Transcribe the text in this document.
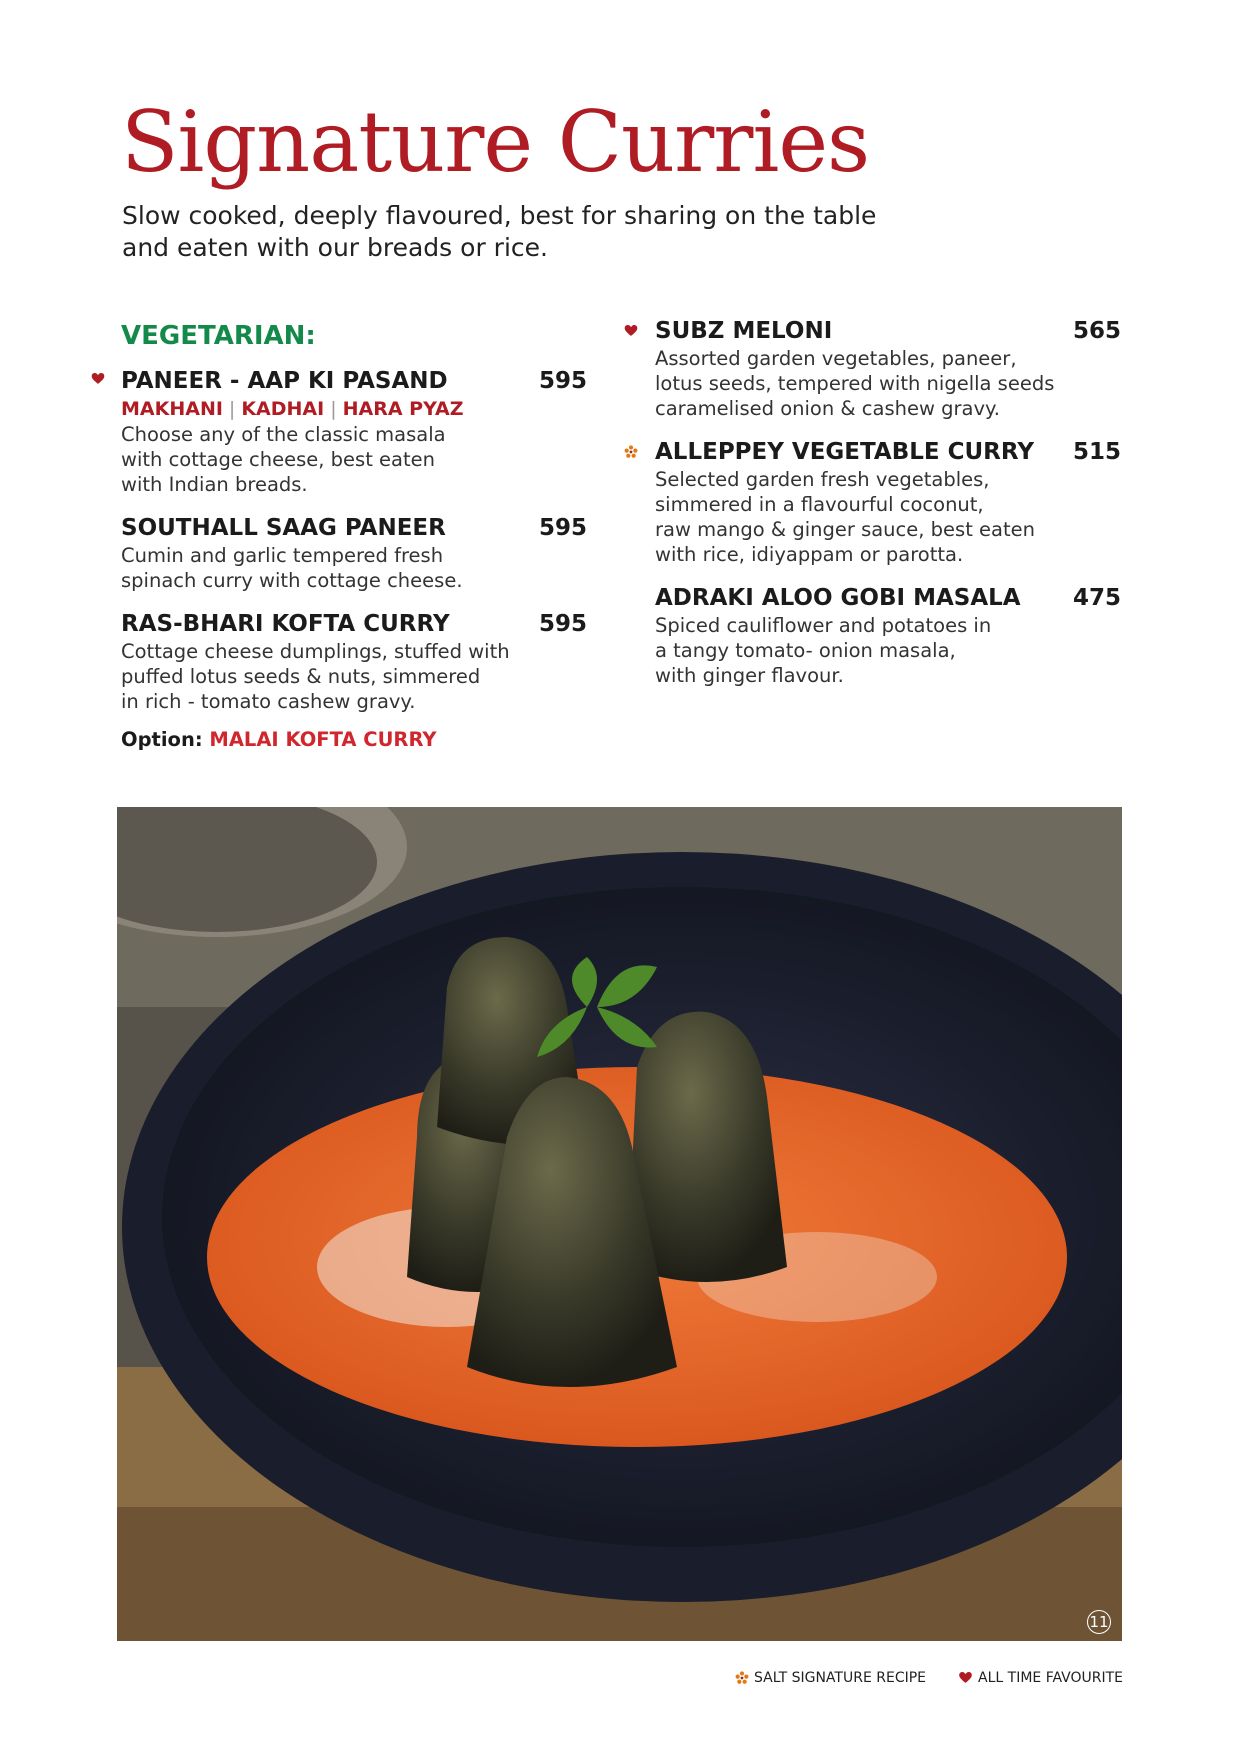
Signature Curries
Slow cooked, deeply flavoured, best for sharing on the table
and eaten with our breads or rice.
VEGETARIAN:
PANEER - AAP KI PASAND	595
MAKHANI | KADHAI | HARA PYAZ
Choose any of the classic masala
with cottage cheese, best eaten
with Indian breads.
SOUTHALL SAAG PANEER	595
Cumin and garlic tempered fresh
spinach curry with cottage cheese.
RAS-BHARI KOFTA CURRY	595
Cottage cheese dumplings, stuffed with
puffed lotus seeds & nuts, simmered
in rich - tomato cashew gravy.
Option: MALAI KOFTA CURRY
SUBZ MELONI	565
Assorted garden vegetables, paneer,
lotus seeds, tempered with nigella seeds
caramelised onion & cashew gravy.
ALLEPPEY VEGETABLE CURRY 515
Selected garden fresh vegetables,
simmered in a flavourful coconut,
raw mango & ginger sauce, best eaten
with rice, idiyappam or parotta.
ADRAKI ALOO GOBI MASALA 475
Spiced cauliflower and potatoes in
a tangy tomato- onion masala,
with ginger flavour.
11
SALT SIGNATURE RECIPE	ALL TIME FAVOURITE
